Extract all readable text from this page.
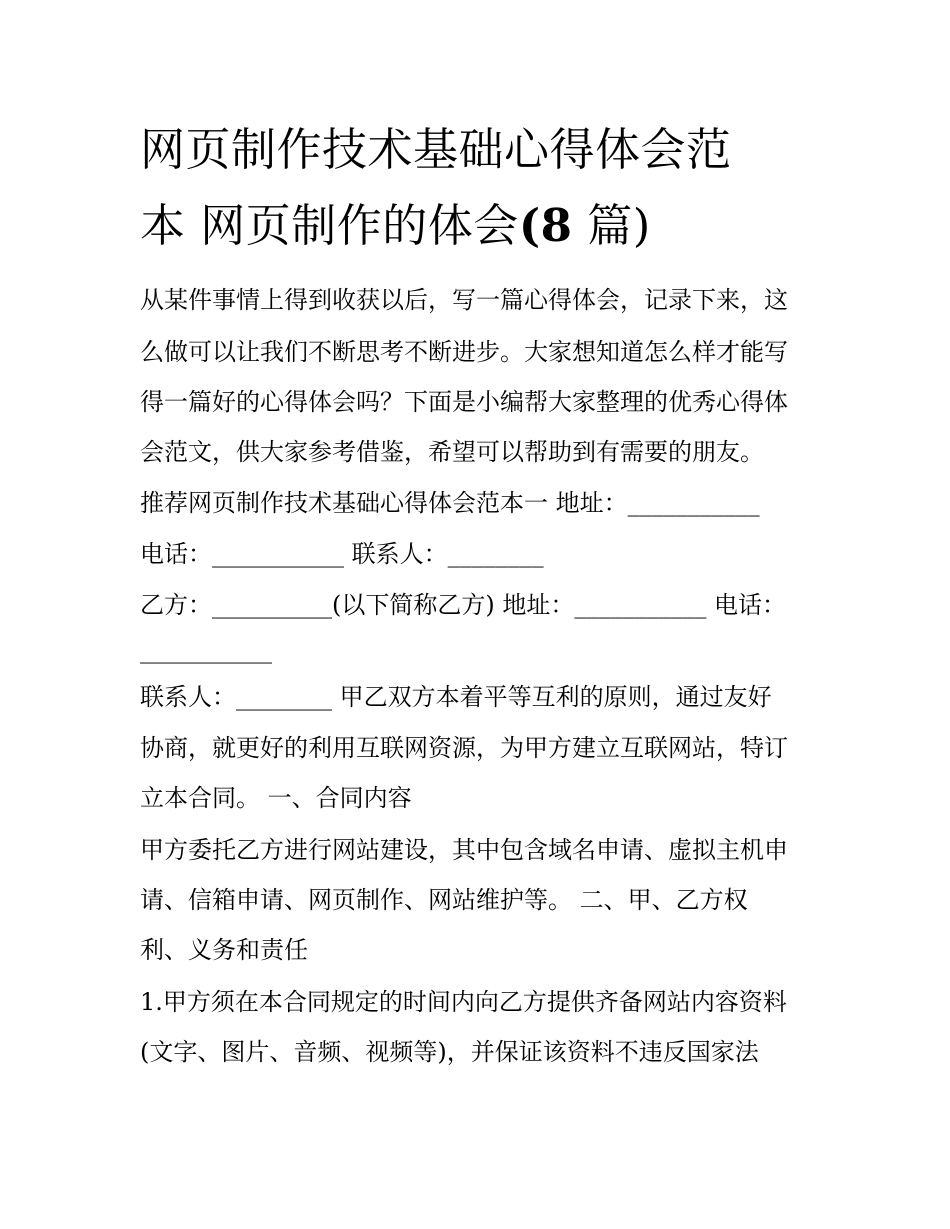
网页制作技术基础心得体会范
本 网页制作的体会(8 篇)

从某件事情上得到收获以后，写一篇心得体会，记录下来，这

么做可以让我们不断思考不断进步。大家想知道怎么样才能写

得一篇好的心得体会吗？下面是小编帮大家整理的优秀心得体

会范文，供大家参考借鉴，希望可以帮助到有需要的朋友。

推荐网页制作技术基础心得体会范本一 地址：___________

电话：___________ 联系人：________

乙方：__________(以下简称乙方) 地址：___________ 电话：

___________

联系人：________ 甲乙双方本着平等互利的原则，通过友好

协商，就更好的利用互联网资源，为甲方建立互联网站，特订

立本合同。 一、合同内容

甲方委托乙方进行网站建设，其中包含域名申请、虚拟主机申

请、信箱申请、网页制作、网站维护等。 二、甲、乙方权

利、义务和责任

1.甲方须在本合同规定的时间内向乙方提供齐备网站内容资料

(文字、图片、音频、视频等)，并保证该资料不违反国家法
